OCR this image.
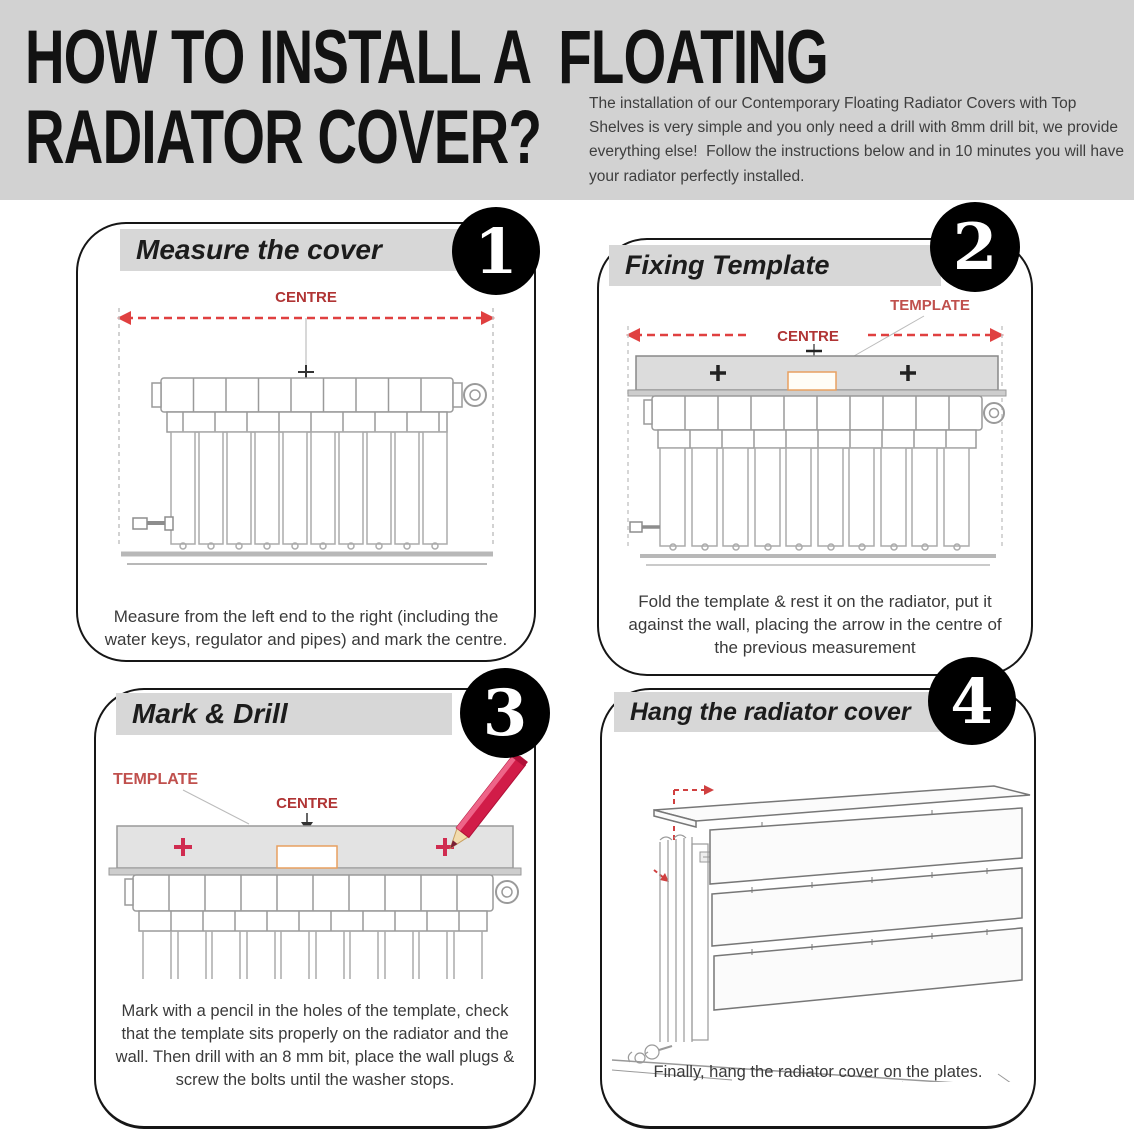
HOW TO INSTALL A  FLOATING
RADIATOR COVER?	The installation of our Contemporary Floating Radiator Covers with Top Shelves is very simple and you only need a drill with 8mm drill bit, we provide everything else!  Follow the instructions below and in 10 minutes you will have your radiator perfectly installed.
Measure the cover
CENTRE
Measure from the left end to the right (including the water keys, regulator and pipes) and mark the centre.
1	Fixing Template
TEMPLATE
CENTRE
Fold the template & rest it on the radiator, put it against the wall, placing the arrow in the centre of the previous measurement
2
Mark & Drill
TEMPLATE
CENTRE
Mark with a pencil in the holes of the template, check that the template sits properly on the radiator and the wall. Then drill with an 8 mm bit, place the wall plugs & screw the bolts until the washer stops.
3	Hang the radiator cover
Finally, hang the radiator cover on the plates.
4
